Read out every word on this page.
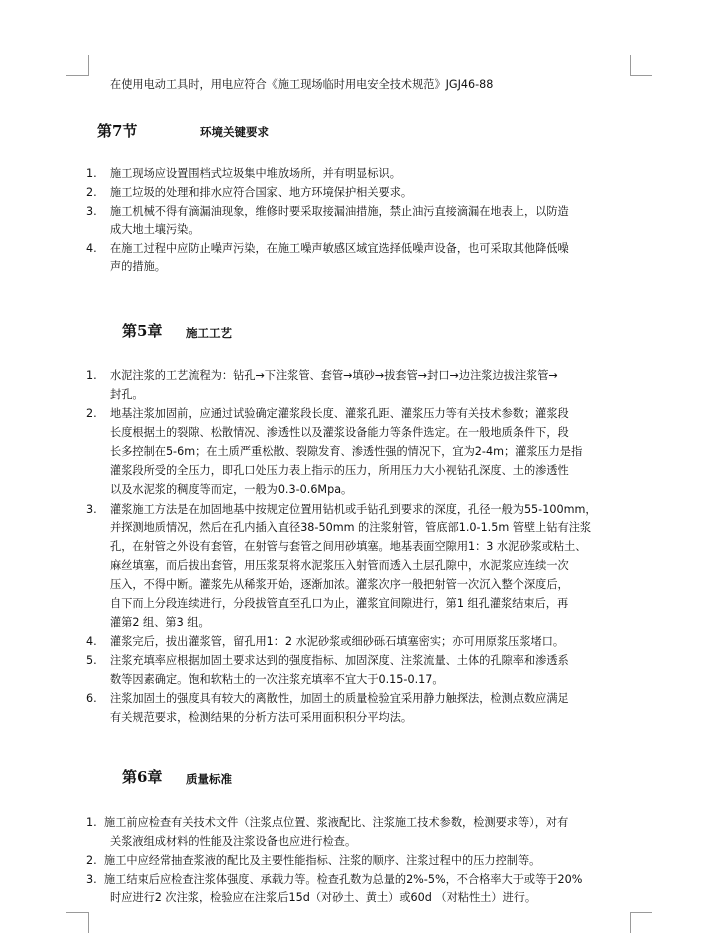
在使用电动工具时，用电应符合《施工现场临时用电安全技术规范》JGJ46-88
第7节	环境关键要求
1. 施工现场应设置围档式垃圾集中堆放场所，并有明显标识。
2. 施工垃圾的处理和排水应符合国家、地方环境保护相关要求。
3. 施工机械不得有滴漏油现象，维修时要采取接漏油措施，禁止油污直接滴漏在地表上，以防造
成大地土壤污染。
4. 在施工过程中应防止噪声污染，在施工噪声敏感区域宜选择低噪声设备，也可采取其他降低噪
声的措施。
第5章 施工工艺
1. 水泥注浆的工艺流程为：钻孔→下注浆管、套管→填砂→拔套管→封口→边注浆边拔注浆管→
封孔。
2. 地基注浆加固前，应通过试验确定灌浆段长度、灌浆孔距、灌浆压力等有关技术参数；灌浆段
长度根据土的裂隙、松散情况、渗透性以及灌浆设备能力等条件选定。在一般地质条件下，段
长多控制在5-6m；在土质严重松散、裂隙发育、渗透性强的情况下，宜为2-4m；灌浆压力是指
灌浆段所受的全压力，即孔口处压力表上指示的压力，所用压力大小视钻孔深度、土的渗透性
以及水泥浆的稠度等而定，一般为0.3-0.6Mpa。
3. 灌浆施工方法是在加固地基中按规定位置用钻机或手钻孔到要求的深度，孔径一般为55-100mm，
并探测地质情况，然后在孔内插入直径38-50mm 的注浆射管，管底部1.0-1.5m 管壁上钻有注浆
孔，在射管之外设有套管，在射管与套管之间用砂填塞。地基表面空隙用1：3 水泥砂浆或粘土、
麻丝填塞，而后拔出套管，用压浆泵将水泥浆压入射管而透入土层孔隙中，水泥浆应连续一次
压入，不得中断。灌浆先从稀浆开始，逐渐加浓。灌浆次序一般把射管一次沉入整个深度后，
自下而上分段连续进行，分段拔管直至孔口为止，灌浆宜间隙进行，第1 组孔灌浆结束后，再
灌第2 组、第3 组。
4. 灌浆完后，拔出灌浆管，留孔用1：2 水泥砂浆或细砂砾石填塞密实；亦可用原浆压浆堵口。
5. 注浆充填率应根据加固土要求达到的强度指标、加固深度、注浆流量、土体的孔隙率和渗透系
数等因素确定。饱和软粘土的一次注浆充填率不宜大于0.15-0.17。
6. 注浆加固土的强度具有较大的离散性，加固土的质量检验宜采用静力触探法，检测点数应满足
有关规范要求，检测结果的分析方法可采用面积积分平均法。
第6章 质量标准
1. 施工前应检查有关技术文件（注浆点位置、浆液配比、注浆施工技术参数，检测要求等），对有
关浆液组成材料的性能及注浆设备也应进行检查。
2. 施工中应经常抽查浆液的配比及主要性能指标、注浆的顺序、注浆过程中的压力控制等。
3. 施工结束后应检查注浆体强度、承载力等。检查孔数为总量的2%-5%，不合格率大于或等于20%
时应进行2 次注浆，检验应在注浆后15d（对砂土、黄土）或60d （对粘性土）进行。
